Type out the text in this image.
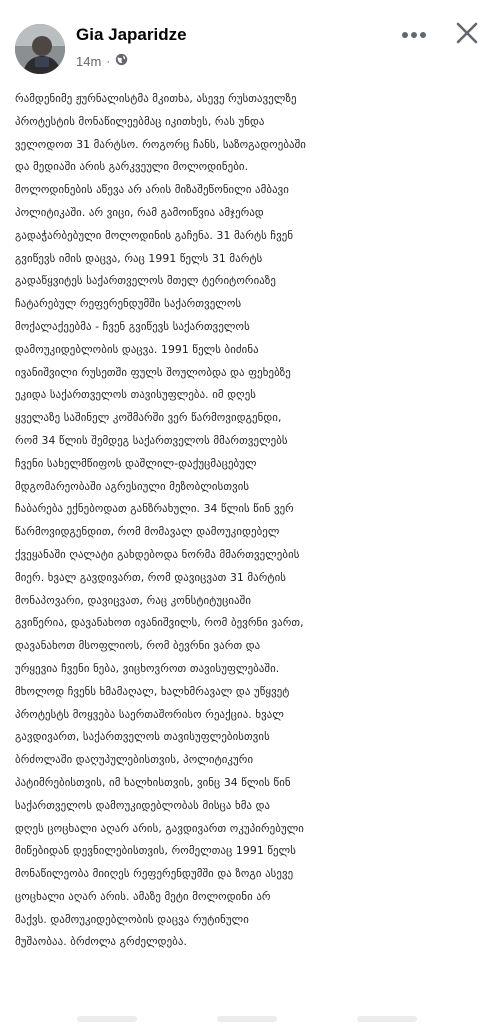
Gia Japaridze
14m ·

რამდენიმე ჟურნალისტმა მკითხა, ასევე რუსთაველზე

პროტესტის მონაწილეებმაც იკითხეს, რას უნდა

ველოდოთ 31 მარტსო. როგორც ჩანს, საზოგადოებაში

და მედიაში არის გარკვეული მოლოდინები.

მოლოდინების აწევა არ არის მიზაშეწონილი ამბავი

პოლიტიკაში. არ ვიცი, რამ გამოიწვია ამჯერად

გადაჭარბებული მოლოდინის გაჩენა. 31 მარტს ჩვენ

გვიწევს იმის დაცვა, რაც 1991 წელს 31 მარტს

გადაწყვიტეს საქართველოს მთელ ტერიტორიაზე

ჩატარებულ რეფერენდუმში საქართველოს

მოქალაქეებმა - ჩვენ გვიწევს საქართველოს

დამოუკიდებლობის დაცვა. 1991 წელს ბიძინა

ივანიშვილი რუსეთში ფულს შოულობდა და ფეხებზე

ეკიდა საქართველოს თავისუფლება. იმ დღეს

ყველაზე საშინელ კოშმარში ვერ წარმოვიდგენდი,

რომ 34 წლის შემდეგ საქართველოს მმართველებს

ჩვენი სახელმწიფოს დაშლილ-დაქუცმაცებულ

მდგომარეობაში აგრესიული მეზობლისთვის

ჩაბარება ექნებოდათ განზრახული. 34 წლის წინ ვერ

წარმოვიდგენდით, რომ მომავალ დამოუკიდებელ

ქვეყანაში ღალატი გახდებოდა ნორმა მმართველების

მიერ. ხვალ გავდივართ, რომ დავიცვათ 31 მარტის

მონაპოვარი, დავიცვათ, რაც კონსტიტუციაში

გვიწერია, დავანახოთ ივანიშვილს, რომ ბევრნი ვართ,

დავანახოთ მსოფლიოს, რომ ბევრნი ვართ და

ურყევია ჩვენი ნება, ვიცხოვროთ თავისუფლებაში.

მხოლოდ ჩვენს ხმამაღალ, ხალხმრავალ და უწყვეტ

პროტესტს მოყვება საერთაშორისო რეაქცია. ხვალ

გავდივართ, საქართველოს თავისუფლებისთვის

ბრძოლაში დაღუპულებისთვის, პოლიტიკური

პატიმრებისთვის, იმ ხალხისთვის, ვინც 34 წლის წინ

საქართველოს დამოუკიდებლობას მისცა ხმა და

დღეს ცოცხალი აღარ არის, გავდივართ ოკუპირებული

მიწებიდან დევნილებისთვის, რომელთაც 1991 წელს

მონაწილეობა მიიღეს რეფერენდუმში და ზოგი ასევე

ცოცხალი აღარ არის. ამაზე მეტი მოლოდინი არ

მაქვს. დამოუკიდებლობის დაცვა რუტინული

მუშაობაა. ბრძოლა გრძელდება.
